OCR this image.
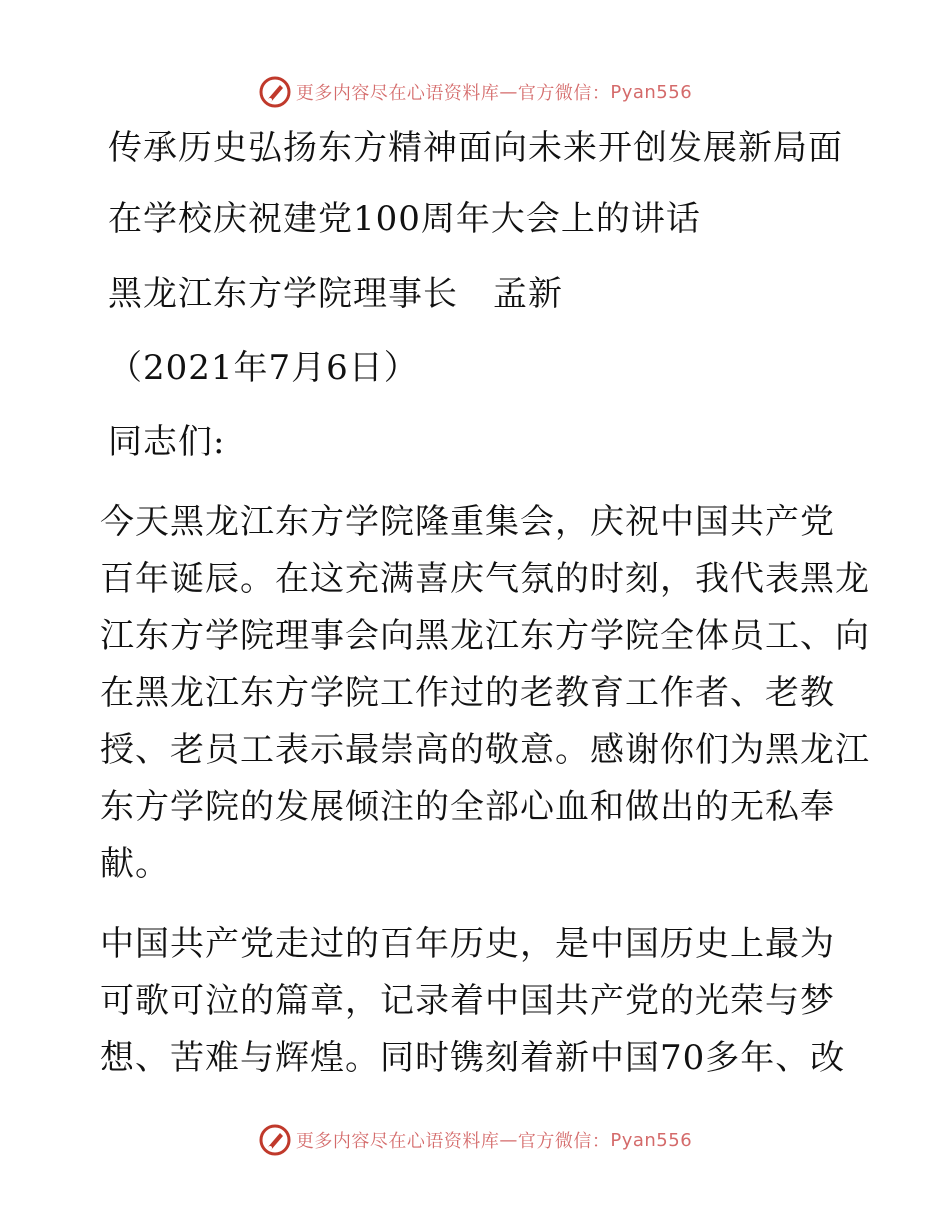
更多内容尽在心语资料库 — 官方微信： Pyan556
传承历史弘扬东方精神面向未来开创发展新局面
在学校庆祝建党100周年大会上的讲话
黑龙江东方学院理事长　孟新
（2021年7月6日）
同志们:
今天黑龙江东方学院隆重集会，庆祝中国共产党
百年诞辰。在这充满喜庆气氛的时刻，我代表黑龙
江东方学院理事会向黑龙江东方学院全体员工、向
在黑龙江东方学院工作过的老教育工作者、老教
授、老员工表示最崇高的敬意。感谢你们为黑龙江
东方学院的发展倾注的全部心血和做出的无私奉
献。
中国共产党走过的百年历史，是中国历史上最为
可歌可泣的篇章，记录着中国共产党的光荣与梦
想、苦难与辉煌。同时镌刻着新中国70多年、改
更多内容尽在心语资料库 — 官方微信： Pyan556
